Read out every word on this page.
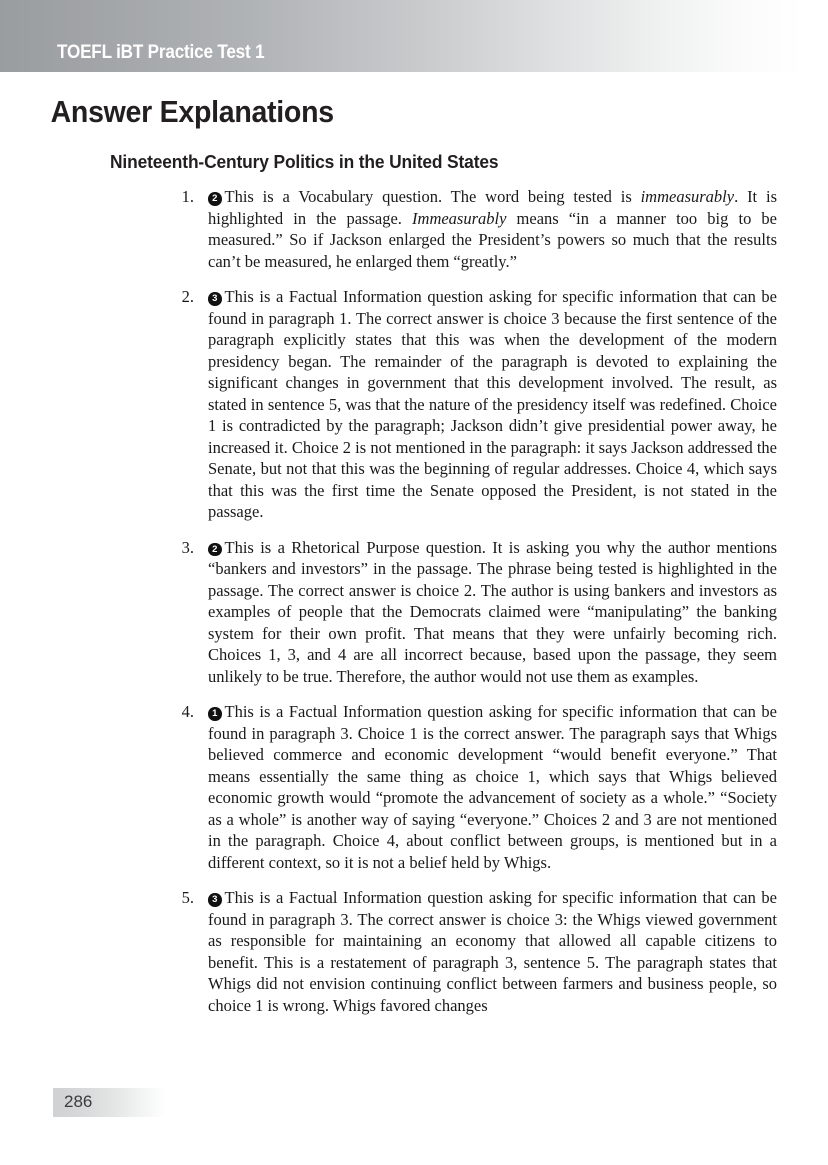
TOEFL iBT Practice Test 1
Answer Explanations
Nineteenth-Century Politics in the United States
1.	2 This is a Vocabulary question. The word being tested is immeasurably. It is highlighted in the passage. Immeasurably means “in a manner too big to be measured.” So if Jackson enlarged the President’s powers so much that the results can’t be measured, he enlarged them “greatly.”
2.	3 This is a Factual Information question asking for specific information that can be found in paragraph 1. The correct answer is choice 3 because the first sentence of the paragraph explicitly states that this was when the development of the modern presidency began. The remainder of the paragraph is devoted to explaining the significant changes in government that this development involved. The result, as stated in sentence 5, was that the nature of the presidency itself was redefined. Choice 1 is contradicted by the paragraph; Jackson didn’t give presidential power away, he increased it. Choice 2 is not mentioned in the paragraph: it says Jackson addressed the Senate, but not that this was the beginning of regular addresses. Choice 4, which says that this was the first time the Senate opposed the President, is not stated in the passage.
3.	2 This is a Rhetorical Purpose question. It is asking you why the author mentions “bankers and investors” in the passage. The phrase being tested is highlighted in the passage. The correct answer is choice 2. The author is using bankers and investors as examples of people that the Democrats claimed were “manipulating” the banking system for their own profit. That means that they were unfairly becoming rich. Choices 1, 3, and 4 are all incorrect because, based upon the passage, they seem unlikely to be true. Therefore, the author would not use them as examples.
4.	1 This is a Factual Information question asking for specific information that can be found in paragraph 3. Choice 1 is the correct answer. The paragraph says that Whigs believed commerce and economic development “would benefit everyone.” That means essentially the same thing as choice 1, which says that Whigs believed economic growth would “promote the advancement of society as a whole.” “Society as a whole” is another way of saying “everyone.” Choices 2 and 3 are not mentioned in the paragraph. Choice 4, about conflict between groups, is mentioned but in a different context, so it is not a belief held by Whigs.
5.	3 This is a Factual Information question asking for specific information that can be found in paragraph 3. The correct answer is choice 3: the Whigs viewed government as responsible for maintaining an economy that allowed all capable citizens to benefit. This is a restatement of paragraph 3, sentence 5. The paragraph states that Whigs did not envision continuing conflict between farmers and business people, so choice 1 is wrong. Whigs favored changes
286
